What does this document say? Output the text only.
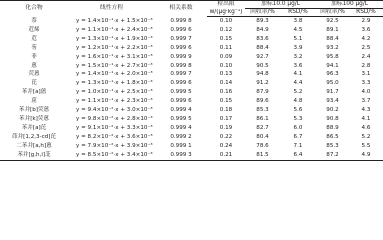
化合物	线性方程	相关系数	检出限	加标10.0 μg/L		加标100 μg/L	
			w/(μg·kg⁻¹)	回收率/%	RSD/%	回收率/%	RSD/%
萘	y = 1.4×10⁻¹·x + 1.5×10⁻³	0.999 8	0.10	89.3	3.8	92.5	2.9
苊烯	y = 1.1×10⁻¹·x + 2.4×10⁻³	0.999 6	0.12	84.9	4.5	89.1	3.6
苊	y = 1.3×10⁻¹·x + 1.9×10⁻³	0.999 7	0.15	83.6	5.1	88.4	4.2
芴	y = 1.2×10⁻¹·x + 2.2×10⁻³	0.999 6	0.11	88.4	3.9	93.2	2.5
菲	y = 1.6×10⁻¹·x + 3.1×10⁻³	0.999 9	0.09	92.7	3.2	95.8	2.4
蒽	y = 1.5×10⁻¹·x + 2.7×10⁻³	0.999 8	0.10	90.5	3.6	94.1	2.8
荧蒽	y = 1.4×10⁻¹·x + 2.0×10⁻³	0.999 7	0.13	94.8	4.1	96.3	3.1
芘	y = 1.3×10⁻¹·x + 1.8×10⁻³	0.999 6	0.14	91.2	4.4	95.0	3.3
苯并[a]蒽	y = 1.0×10⁻¹·x + 2.5×10⁻³	0.999 5	0.16	87.9	5.2	91.7	4.0
䓛	y = 1.1×10⁻¹·x + 2.3×10⁻³	0.999 6	0.15	89.6	4.8	93.4	3.7
苯并[b]荧蒽	y = 9.4×10⁻²·x + 3.0×10⁻³	0.999 4	0.18	85.3	5.6	90.2	4.3
苯并[k]荧蒽	y = 9.8×10⁻²·x + 2.8×10⁻³	0.999 5	0.17	86.1	5.3	90.8	4.1
苯并[a]芘	y = 9.1×10⁻²·x + 3.3×10⁻³	0.999 4	0.19	82.7	6.0	88.9	4.6
茚并[1,2,3-cd]芘	y = 8.2×10⁻²·x + 3.6×10⁻³	0.999 2	0.22	80.4	6.7	86.5	5.2
二苯并[a,h]蒽	y = 7.9×10⁻²·x + 3.9×10⁻³	0.999 1	0.24	78.6	7.1	85.3	5.5
苯并[g,h,i]苝	y = 8.5×10⁻²·x + 3.4×10⁻³	0.999 3	0.21	81.5	6.4	87.2	4.9
